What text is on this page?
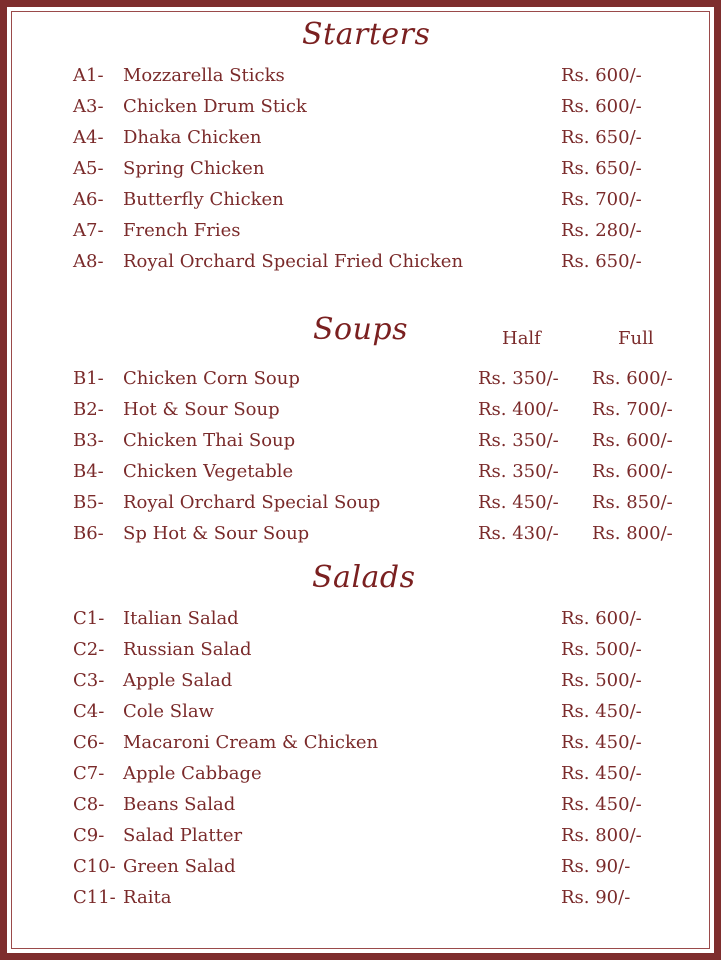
Starters
A1- Mozzarella Sticks	Rs. 600/-
A3- Chicken Drum Stick	Rs. 600/-
A4- Dhaka Chicken	Rs. 650/-
A5- Spring Chicken	Rs. 650/-
A6- Butterfly Chicken	Rs. 700/-
A7- French Fries	Rs. 280/-
A8- Royal Orchard Special Fried Chicken	Rs. 650/-
Soups	Half	Full
B1- Chicken Corn Soup	Rs. 350/- Rs. 600/-
B2- Hot & Sour Soup	Rs. 400/- Rs. 700/-
B3- Chicken Thai Soup	Rs. 350/- Rs. 600/-
B4- Chicken Vegetable	Rs. 350/- Rs. 600/-
B5- Royal Orchard Special Soup	Rs. 450/- Rs. 850/-
B6- Sp Hot & Sour Soup	Rs. 430/- Rs. 800/-
Salads
C1- Italian Salad	Rs. 600/-
C2- Russian Salad	Rs. 500/-
C3- Apple Salad	Rs. 500/-
C4- Cole Slaw	Rs. 450/-
C6- Macaroni Cream & Chicken	Rs. 450/-
C7- Apple Cabbage	Rs. 450/-
C8- Beans Salad	Rs. 450/-
C9- Salad Platter	Rs. 800/-
C10- Green Salad	Rs. 90/-
C11- Raita	Rs. 90/-
